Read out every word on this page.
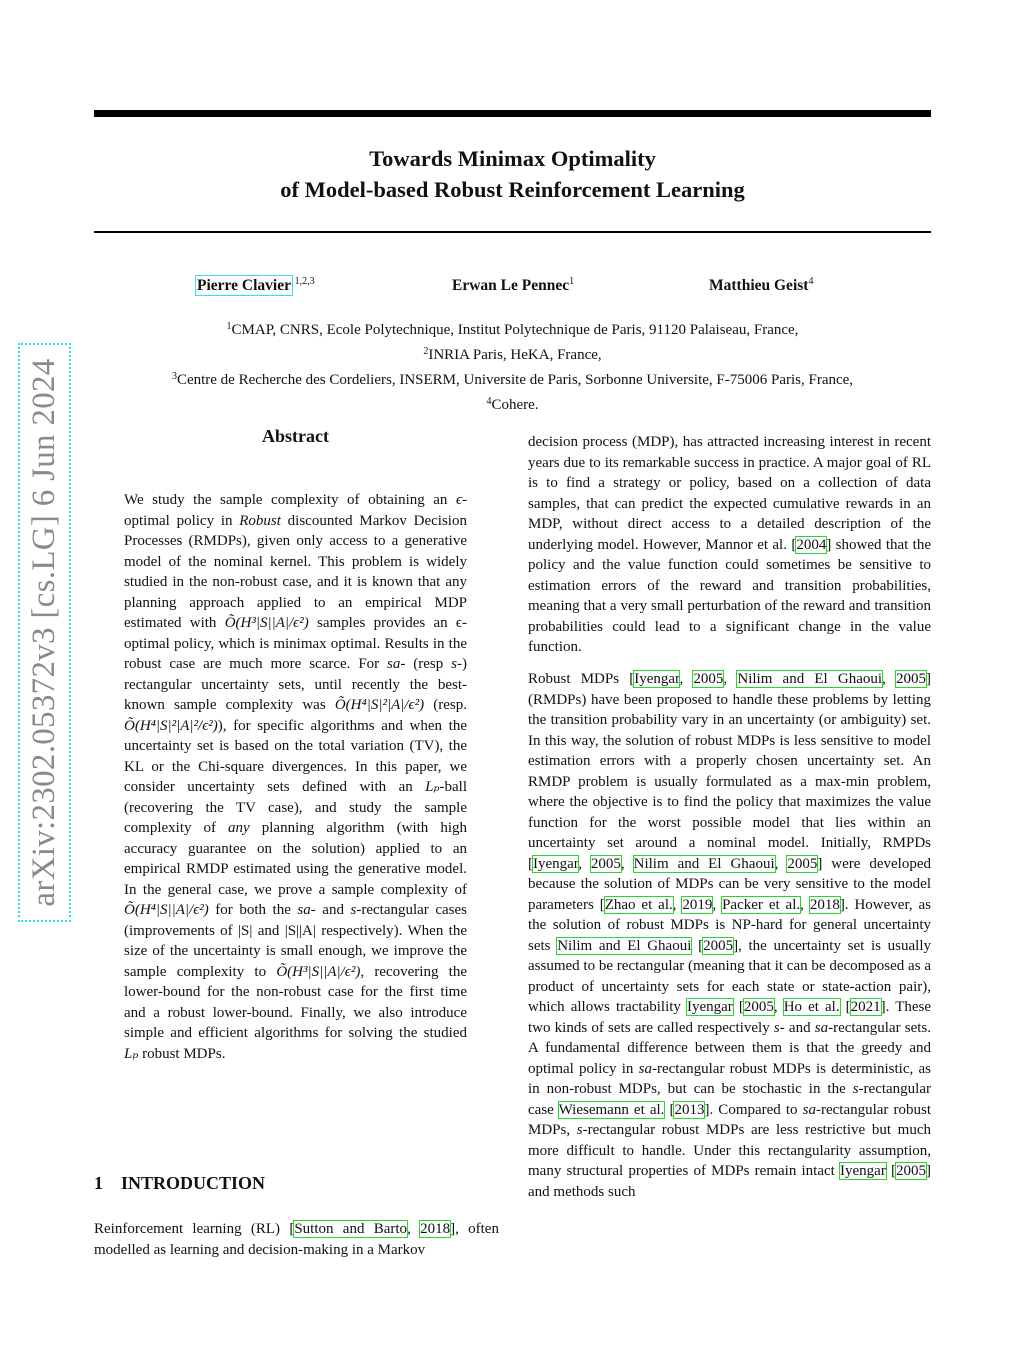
Towards Minimax Optimality
of Model-based Robust Reinforcement Learning
Pierre Clavier $^{1,2,3}$	Erwan Le Pennec$^1$	Matthieu Geist$^4$
$^1$CMAP, CNRS, Ecole Polytechnique, Institut Polytechnique de Paris, 91120 Palaiseau, France,
$^2$INRIA Paris, HeKA, France,
$^3$Centre de Recherche des Cordeliers, INSERM, Universite de Paris, Sorbonne Universite, F-75006 Paris, France,
$^4$Cohere.
arXiv:2302.05372v3 [cs.LG] 6 Jun 2024	Abstract
We study the sample complexity of obtaining an ϵ-optimal policy in Robust discounted Markov Decision Processes (RMDPs), given only access to a generative model of the nominal kernel. This problem is widely studied in the non-robust case, and it is known that any planning approach applied to an empirical MDP estimated with Õ(H³|S||A|/ϵ²) samples provides an ϵ-optimal policy, which is minimax optimal. Results in the robust case are much more scarce. For sa- (resp s-) rectangular uncertainty sets, until recently the best-known sample complexity was Õ(H⁴|S|²|A|/ϵ²) (resp. Õ(H⁴|S|²|A|²/ϵ²)), for specific algorithms and when the uncertainty set is based on the total variation (TV), the KL or the Chi-square divergences. In this paper, we consider uncertainty sets defined with an Lₚ-ball (recovering the TV case), and study the sample complexity of any planning algorithm (with high accuracy guarantee on the solution) applied to an empirical RMDP estimated using the generative model. In the general case, we prove a sample complexity of Õ(H⁴|S||A|/ϵ²) for both the sa- and s-rectangular cases (improvements of |S| and |S||A| respectively). When the size of the uncertainty is small enough, we improve the sample complexity to Õ(H³|S||A|/ϵ²), recovering the lower-bound for the non-robust case for the first time and a robust lower-bound. Finally, we also introduce simple and efficient algorithms for solving the studied Lₚ robust MDPs.
1 INTRODUCTION
Reinforcement learning (RL) [Sutton and Barto, 2018], often modelled as learning and decision-making in a Markov
decision process (MDP), has attracted increasing interest in recent years due to its remarkable success in practice. A major goal of RL is to find a strategy or policy, based on a collection of data samples, that can predict the expected cumulative rewards in an MDP, without direct access to a detailed description of the underlying model. However, Mannor et al. [2004] showed that the policy and the value function could sometimes be sensitive to estimation errors of the reward and transition probabilities, meaning that a very small perturbation of the reward and transition probabilities could lead to a significant change in the value function.
Robust MDPs [Iyengar, 2005, Nilim and El Ghaoui, 2005] (RMDPs) have been proposed to handle these problems by letting the transition probability vary in an uncertainty (or ambiguity) set. In this way, the solution of robust MDPs is less sensitive to model estimation errors with a properly chosen uncertainty set. An RMDP problem is usually formulated as a max-min problem, where the objective is to find the policy that maximizes the value function for the worst possible model that lies within an uncertainty set around a nominal model. Initially, RMPDs [Iyengar, 2005, Nilim and El Ghaoui, 2005] were developed because the solution of MDPs can be very sensitive to the model parameters [Zhao et al., 2019, Packer et al., 2018]. However, as the solution of robust MDPs is NP-hard for general uncertainty sets Nilim and El Ghaoui [2005], the uncertainty set is usually assumed to be rectangular (meaning that it can be decomposed as a product of uncertainty sets for each state or state-action pair), which allows tractability Iyengar [2005, Ho et al. [2021]. These two kinds of sets are called respectively s- and sa-rectangular sets. A fundamental difference between them is that the greedy and optimal policy in sa-rectangular robust MDPs is deterministic, as in non-robust MDPs, but can be stochastic in the s-rectangular case Wiesemann et al. [2013]. Compared to sa-rectangular robust MDPs, s-rectangular robust MDPs are less restrictive but much more difficult to handle. Under this rectangularity assumption, many structural properties of MDPs remain intact Iyengar [2005] and methods such
